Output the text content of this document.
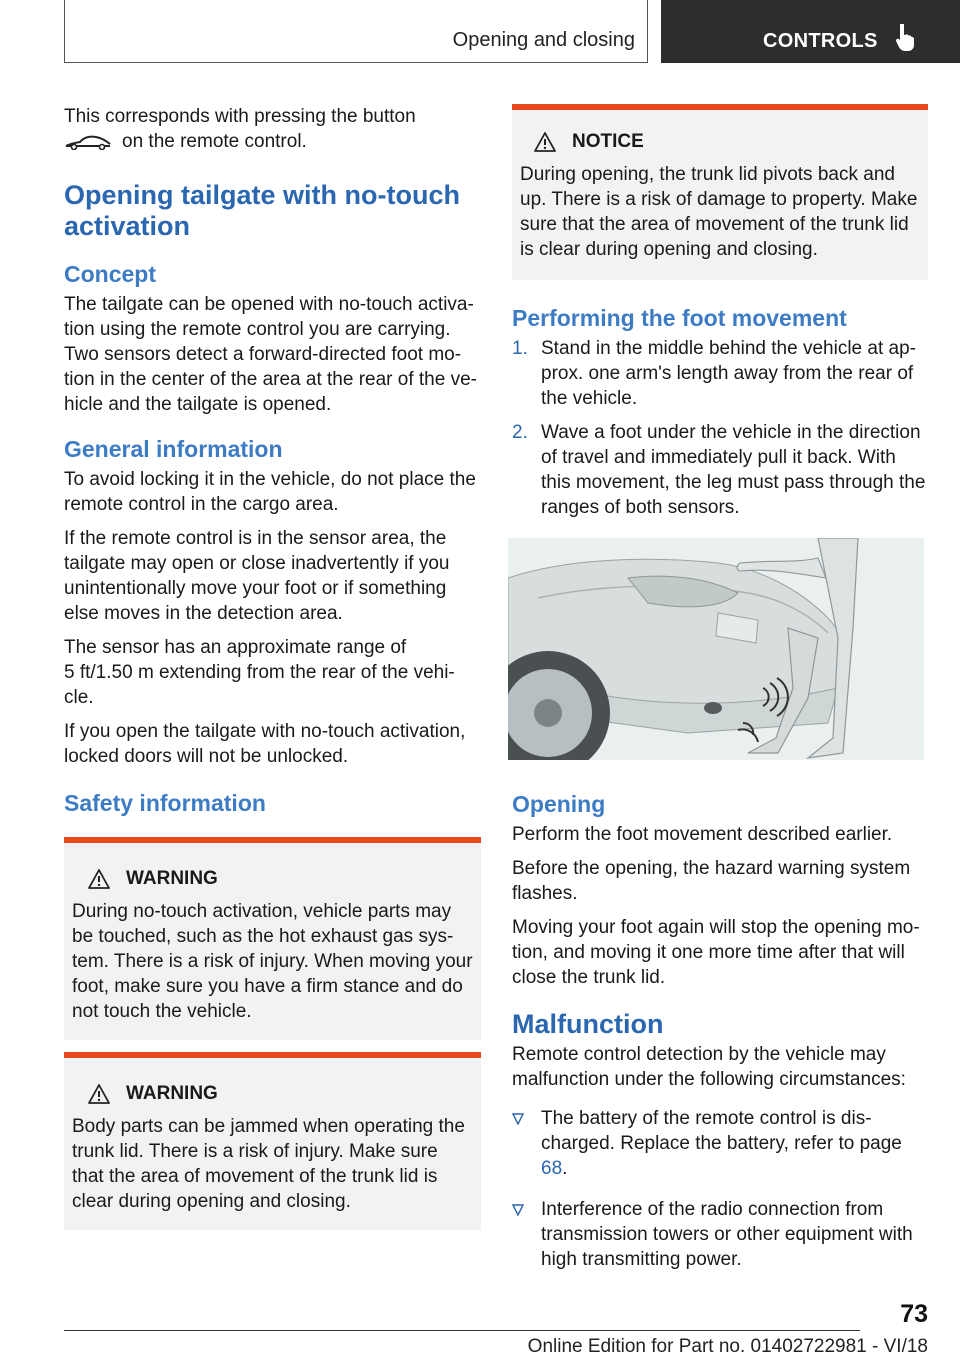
Opening and closing	CONTROLS

This corresponds with pressing the button
on the remote control.

Opening tailgate with no-touch activation
Concept

The tailgate can be opened with no-touch activa-tion using the remote control you are carrying. Two sensors detect a forward-directed foot mo-tion in the center of the area at the rear of the ve-hicle and the tailgate is opened.

General information

To avoid locking it in the vehicle, do not place the remote control in the cargo area.

If the remote control is in the sensor area, the tailgate may open or close inadvertently if you unintentionally move your foot or if something else moves in the detection area.

The sensor has an approximate range of
5 ft/1.50 m extending from the rear of the vehi-cle.

If you open the tailgate with no-touch activation, locked doors will not be unlocked.

Safety information
WARNING

During no-touch activation, vehicle parts may be touched, such as the hot exhaust gas sys-tem. There is a risk of injury. When moving your foot, make sure you have a firm stance and do not touch the vehicle.

WARNING

Body parts can be jammed when operating the trunk lid. There is a risk of injury. Make sure that the area of movement of the trunk lid is clear during opening and closing.

NOTICE

During opening, the trunk lid pivots back and up. There is a risk of damage to property. Make sure that the area of movement of the trunk lid is clear during opening and closing.

Performing the foot movement
1. Stand in the middle behind the vehicle at ap-prox. one arm's length away from the rear of the vehicle.
2. Wave a foot under the vehicle in the direction of travel and immediately pull it back. With this movement, the leg must pass through the ranges of both sensors.
Opening

Perform the foot movement described earlier.

Before the opening, the hazard warning system flashes.

Moving your foot again will stop the opening mo-tion, and moving it one more time after that will close the trunk lid.

Malfunction

Remote control detection by the vehicle may malfunction under the following circumstances:

The battery of the remote control is dis-charged. Replace the battery, refer to page 68.
Interference of the radio connection from transmission towers or other equipment with high transmitting power.
73
Online Edition for Part no. 01402722981 - VI/18
